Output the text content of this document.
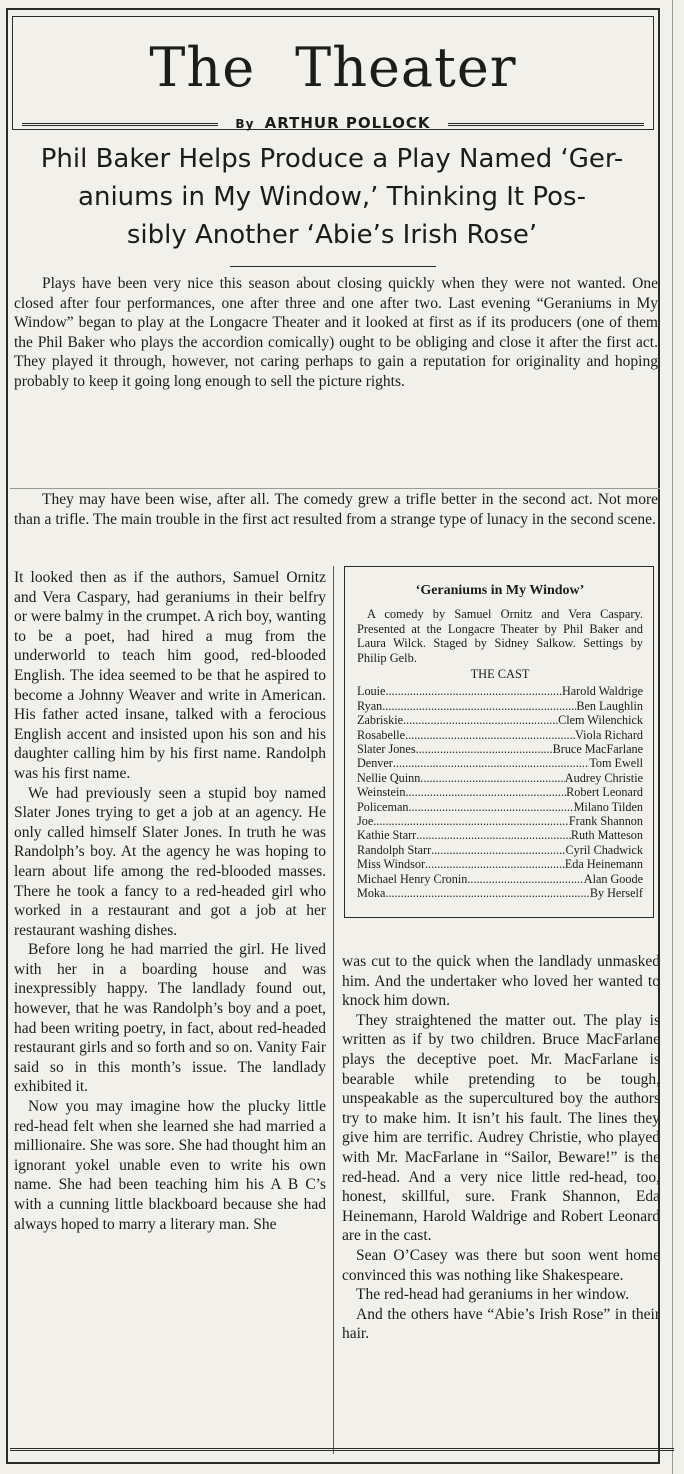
The Theater
By ARTHUR POLLOCK
Phil Baker Helps Produce a Play Named ‘Ger-
aniums in My Window,’ Thinking It Pos-
sibly Another ‘Abie’s Irish Rose’
Plays have been very nice this season about closing quickly when they were not wanted. One closed after four performances, one after three and one after two. Last evening “Geraniums in My Window” began to play at the Longacre Theater and it looked at first as if its producers (one of them the Phil Baker who plays the accordion comically) ought to be obliging and close it after the first act. They played it through, however, not caring perhaps to gain a reputation for originality and hoping probably to keep it going long enough to sell the picture rights.
They may have been wise, after all. The comedy grew a trifle better in the second act. Not more than a trifle. The main trouble in the first act resulted from a strange type of lunacy in the second scene.

It looked then as if the authors, Samuel Ornitz and Vera Caspary, had geraniums in their belfry or were balmy in the crumpet. A rich boy, wanting to be a poet, had hired a mug from the underworld to teach him good, red-blooded English. The idea seemed to be that he aspired to become a Johnny Weaver and write in American. His father acted insane, talked with a ferocious English accent and insisted upon his son and his daughter calling him by his first name. Randolph was his first name.

We had previously seen a stupid boy named Slater Jones trying to get a job at an agency. He only called himself Slater Jones. In truth he was Randolph’s boy. At the agency he was hoping to learn about life among the red-blooded masses. There he took a fancy to a red-headed girl who worked in a restaurant and got a job at her restaurant washing dishes.

Before long he had married the girl. He lived with her in a boarding house and was inexpressibly happy. The landlady found out, however, that he was Randolph’s boy and a poet, had been writing poetry, in fact, about red-headed restaurant girls and so forth and so on. Vanity Fair said so in this month’s issue. The landlady exhibited it.

Now you may imagine how the plucky little red-head felt when she learned she had married a millionaire. She was sore. She had thought him an ignorant yokel unable even to write his own name. She had been teaching him his A B C’s with a cunning little blackboard because she had always hoped to marry a literary man. She

‘Geraniums in My Window’
A comedy by Samuel Ornitz and Vera Caspary. Presented at the Longacre Theater by Phil Baker and Laura Wilck. Staged by Sidney Salkow. Settings by Philip Gelb.
THE CAST
Louie .....	Harold Waldrige
Ryan .....	Ben Laughlin
Zabriskie .....	Clem Wilenchick
Rosabelle .....	Viola Richard
Slater Jones .....	Bruce MacFarlane
Denver .....	Tom Ewell
Nellie Quinn .....	Audrey Christie
Weinstein .....	Robert Leonard
Policeman .....	Milano Tilden
Joe .....	Frank Shannon
Kathie Starr .....	Ruth Matteson
Randolph Starr .....	Cyril Chadwick
Miss Windsor .....	Eda Heinemann
Michael Henry Cronin .....	Alan Goode
Moka .....	By Herself

was cut to the quick when the landlady unmasked him. And the undertaker who loved her wanted to knock him down.

They straightened the matter out. The play is written as if by two children. Bruce MacFarlane plays the deceptive poet. Mr. MacFarlane is bearable while pretending to be tough, unspeakable as the supercultured boy the authors try to make him. It isn’t his fault. The lines they give him are terrific. Audrey Christie, who played with Mr. MacFarlane in “Sailor, Beware!” is the red-head. And a very nice little red-head, too, honest, skillful, sure. Frank Shannon, Eda Heinemann, Harold Waldrige and Robert Leonard are in the cast.

Sean O’Casey was there but soon went home convinced this was nothing like Shakespeare.

The red-head had geraniums in her window.

And the others have “Abie’s Irish Rose” in their hair.
